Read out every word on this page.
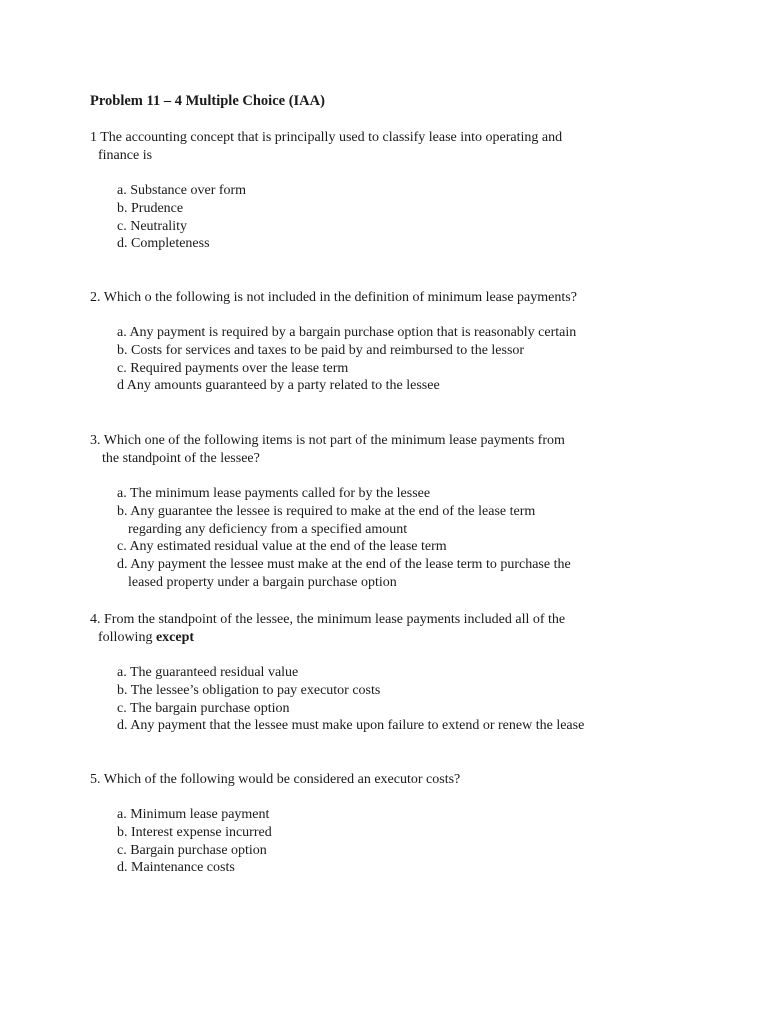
Problem 11 – 4 Multiple Choice (IAA)
1 The accounting concept that is principally used to classify lease into operating and
finance is
a. Substance over form
b. Prudence
c. Neutrality
d. Completeness
2. Which o the following is not included in the definition of minimum lease payments?
a. Any payment is required by a bargain purchase option that is reasonably certain
b. Costs for services and taxes to be paid by and reimbursed to the lessor
c. Required payments over the lease term
d Any amounts guaranteed by a party related to the lessee
3. Which one of the following items is not part of the minimum lease payments from
the standpoint of the lessee?
a. The minimum lease payments called for by the lessee
b. Any guarantee the lessee is required to make at the end of the lease term
regarding any deficiency from a specified amount
c. Any estimated residual value at the end of the lease term
d. Any payment the lessee must make at the end of the lease term to purchase the
leased property under a bargain purchase option
4. From the standpoint of the lessee, the minimum lease payments included all of the
following except
a. The guaranteed residual value
b. The lessee’s obligation to pay executor costs
c. The bargain purchase option
d. Any payment that the lessee must make upon failure to extend or renew the lease
5. Which of the following would be considered an executor costs?
a. Minimum lease payment
b. Interest expense incurred
c. Bargain purchase option
d. Maintenance costs
